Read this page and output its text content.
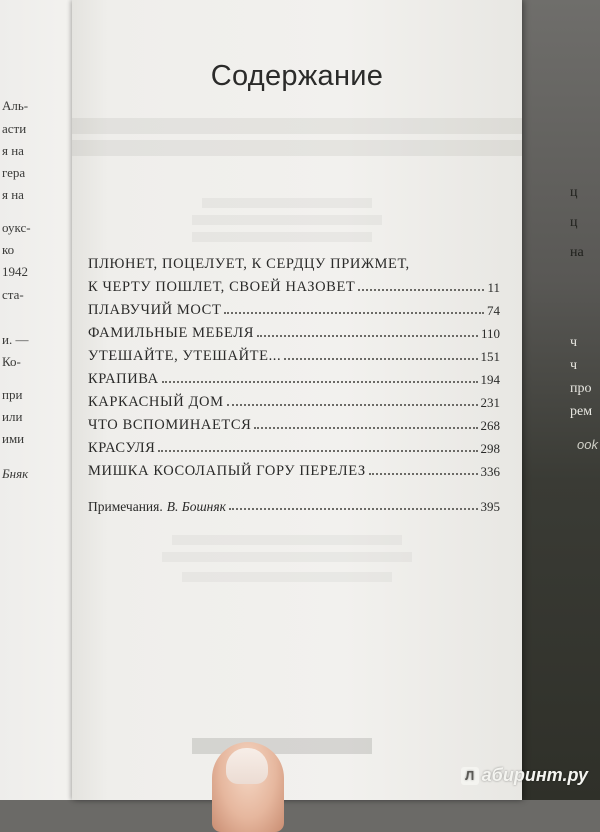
Аль-
асти
я на
герa
я на
оукс-
ко
1942
ста-
и. —
Ко-
при
или
ими
Бняк
ц
ц
на
ч
ч
про
рем
ook
Содержание
ПЛЮНЕТ, ПОЦЕЛУЕТ, К СЕРДЦУ ПРИЖМЕТ,
К ЧЕРТУ ПОШЛЕТ, СВОЕЙ НАЗОВЕТ	11
ПЛАВУЧИЙ МОСТ	74
ФАМИЛЬНЫЕ МЕБЕЛЯ	110
УТЕШАЙТЕ, УТЕШАЙТЕ...	151
КРАПИВА	194
КАРКАСНЫЙ ДОМ	231
ЧТО ВСПОМИНАЕТСЯ	268
КРАСУЛЯ	298
МИШКА КОСОЛАПЫЙ ГОРУ ПЕРЕЛЕЗ	336
Примечания. В. Бошняк	395
Л абиринт.ру
